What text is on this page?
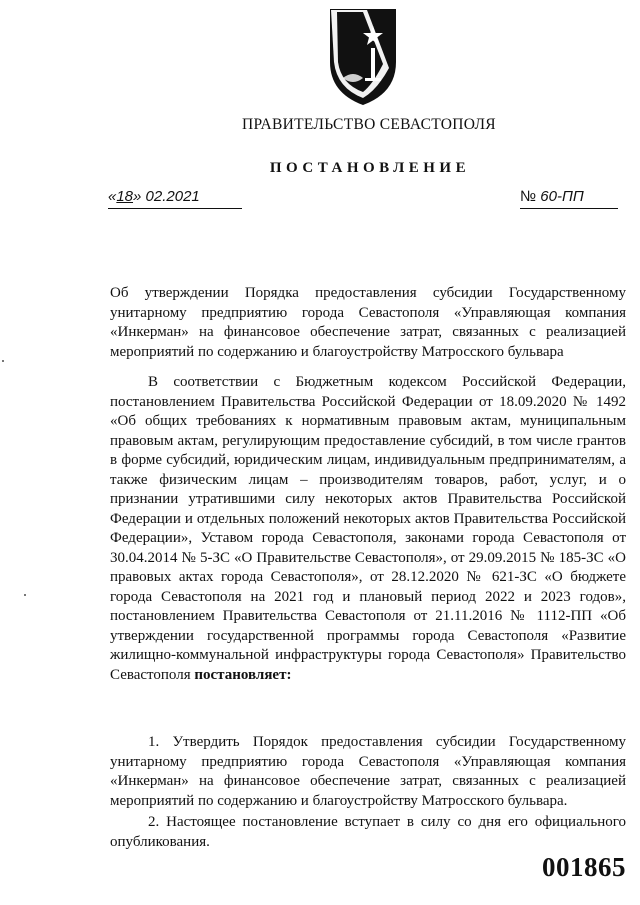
ПРАВИТЕЛЬСТВО СЕВАСТОПОЛЯ
ПОСТАНОВЛЕНИЕ
«18» 02.2021	№ 60-ПП
Об утверждении Порядка предоставления субсидии Государственному унитарному предприятию города Севастополя «Управляющая компания «Инкерман» на финансовое обеспечение затрат, связанных с реализацией мероприятий по содержанию и благоустройству Матросского бульвара
В соответствии с Бюджетным кодексом Российской Федерации, постановлением Правительства Российской Федерации от 18.09.2020 № 1492 «Об общих требованиях к нормативным правовым актам, муниципальным правовым актам, регулирующим предоставление субсидий, в том числе грантов в форме субсидий, юридическим лицам, индивидуальным предпринимателям, а также физическим лицам – производителям товаров, работ, услуг, и о признании утратившими силу некоторых актов Правительства Российской Федерации и отдельных положений некоторых актов Правительства Российской Федерации», Уставом города Севастополя, законами города Севастополя от 30.04.2014 № 5-ЗС «О Правительстве Севастополя», от 29.09.2015 № 185-ЗС «О правовых актах города Севастополя», от 28.12.2020 № 621-ЗС «О бюджете города Севастополя на 2021 год и плановый период 2022 и 2023 годов», постановлением Правительства Севастополя от 21.11.2016 № 1112-ПП «Об утверждении государственной программы города Севастополя «Развитие жилищно-коммунальной инфраструктуры города Севастополя» Правительство Севастополя постановляет:
1. Утвердить Порядок предоставления субсидии Государственному унитарному предприятию города Севастополя «Управляющая компания «Инкерман» на финансовое обеспечение затрат, связанных с реализацией мероприятий по содержанию и благоустройству Матросского бульвара.
2. Настоящее постановление вступает в силу со дня его официального опубликования.
001865
